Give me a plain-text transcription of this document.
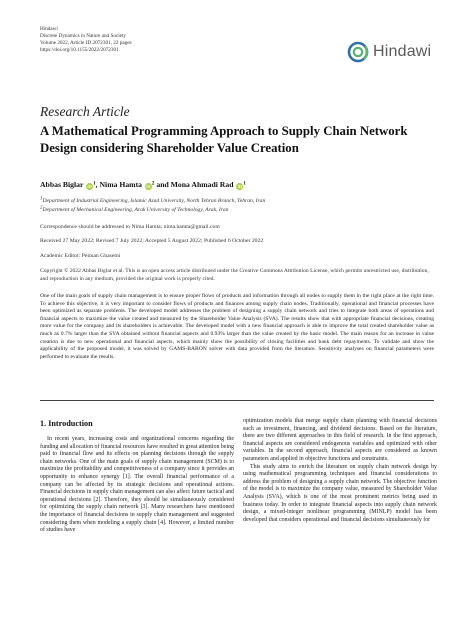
Hindawi
Discrete Dynamics in Nature and Society
Volume 2022, Article ID 2072301, 22 pages
https://doi.org/10.1155/2022/2072301	Hindawi
Research Article
A Mathematical Programming Approach to Supply Chain Network Design considering Shareholder Value Creation
Abbas Biglar $iD^1$, Nima Hamta $iD^2$ and Mona Ahmadi Rad $iD^1$
$^1$Department of Industrial Engineering, Islamic Azad University, North Tehran Branch, Tehran, Iran
$^2$Department of Mechanical Engineering, Arak University of Technology, Arak, Iran
Correspondence should be addressed to Nima Hamta; nima.hamta@gmail.com
Received 27 May 2022; Revised 7 July 2022; Accepted 5 August 2022; Published 6 October 2022
Academic Editor: Peiman Ghasemi
Copyright © 2022 Abbas Biglar et al. This is an open access article distributed under the Creative Commons Attribution License, which permits unrestricted use, distribution, and reproduction in any medium, provided the original work is properly cited.
One of the main goals of supply chain management is to ensure proper flows of products and information through all nodes to supply them in the right place at the right time. To achieve this objective, it is very important to consider flows of products and finances among supply chain nodes. Traditionally, operational and financial processes have been optimized as separate problems. The developed model addresses the problem of designing a supply chain network and tries to integrate both areas of operations and financial aspects to maximize the value created and measured by the Shareholder Value Analysis (SVA). The results show that with appropriate financial decisions, creating more value for the company and its shareholders is achievable. The developed model with a new financial approach is able to improve the total created shareholder value as much as 0.7% larger than the SVA obtained without financial aspects and 0.93% larger than the value created by the basic model. The main reason for an increase in value creation is due to new operational and financial aspects, which mainly show the possibility of closing facilities and bank debt repayments. To validate and show the applicability of the proposed model, it was solved by GAMS-BARON solver with data provided from the literature. Sensitivity analyses on financial parameters were performed to evaluate the results.
1. Introduction

In recent years, increasing costs and organizational concerns regarding the funding and allocation of financial resources have resulted in great attention being paid to financial flow and its effects on planning decisions through the supply chain networks. One of the main goals of supply chain management (SCM) is to maximize the profitability and competitiveness of a company since it provides an opportunity to enhance synergy [1]. The overall financial performance of a company can be affected by its strategic decisions and operational actions. Financial decisions in supply chain management can also affect future tactical and operational decisions [2]. Therefore, they should be simultaneously considered for optimizing the supply chain network [3]. Many researchers have mentioned the importance of financial decisions in supply chain management and suggested considering them when modeling a supply chain [4]. However, a limited number of studies have

optimization models that merge supply chain planning with financial decisions such as investment, financing, and dividend decisions. Based on the literature, there are two different approaches in this field of research. In the first approach, financial aspects are considered endogenous variables and optimized with other variables. In the second approach, financial aspects are considered as known parameters and applied in objective functions and constraints.

This study aims to enrich the literature on supply chain network design by using mathematical programming techniques and financial considerations to address the problem of designing a supply chain network. The objective function of the model is to maximize the company value, measured by Shareholder Value Analysis (SVA), which is one of the most prominent metrics being used in business today. In order to integrate financial aspects into supply chain network design, a mixed-integer nonlinear programming (MINLP) model has been developed that considers operational and financial decisions simultaneously for
